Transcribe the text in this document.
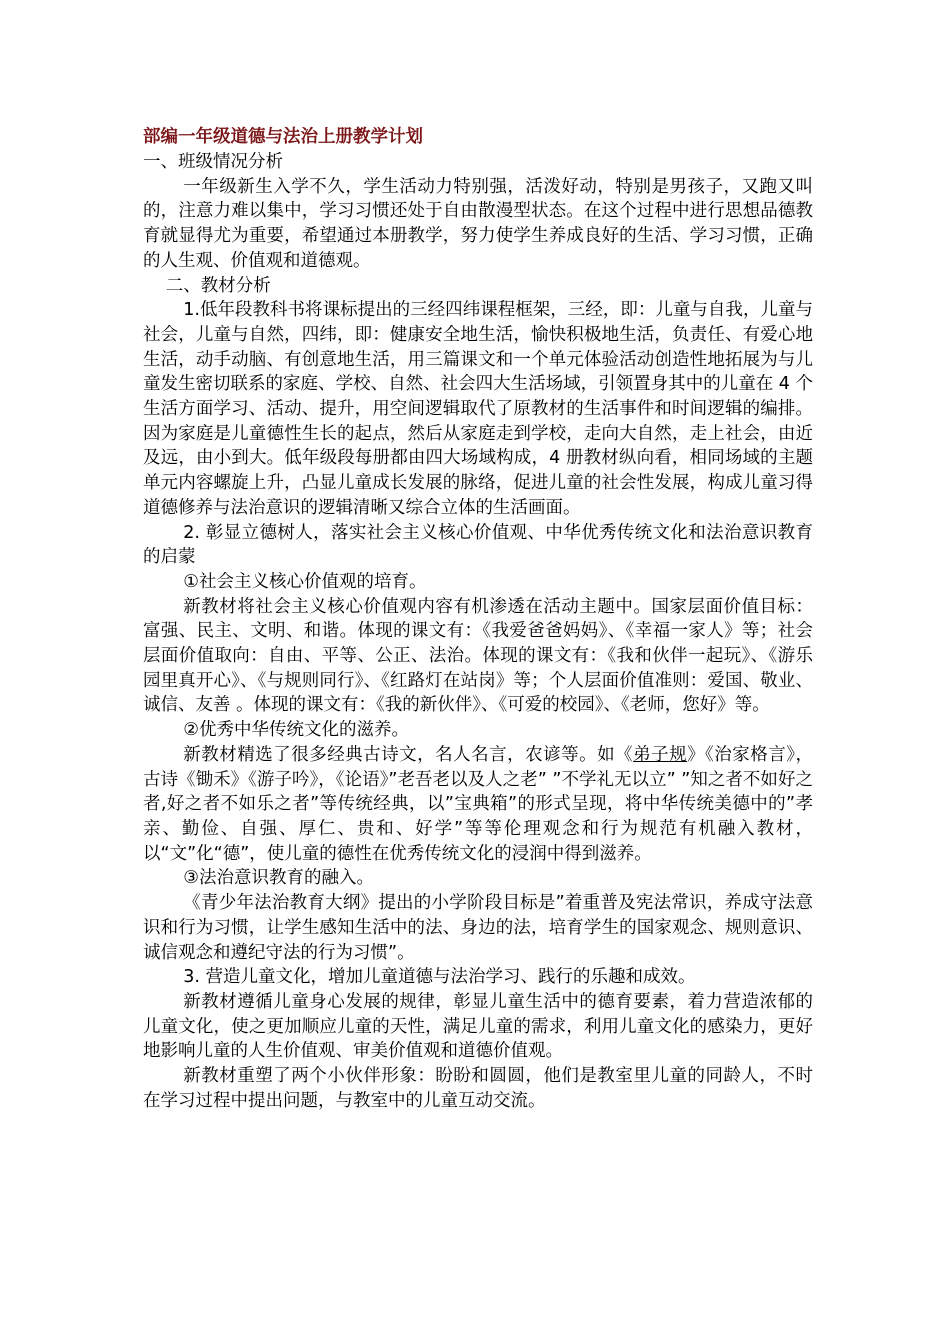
部编一年级道德与法治上册教学计划

一、班级情况分析

一年级新生入学不久，学生活动力特别强，活泼好动，特别是男孩子，又跑又叫的，注意力难以集中，学习习惯还处于自由散漫型状态。在这个过程中进行思想品德教育就显得尤为重要，希望通过本册教学，努力使学生养成良好的生活、学习习惯，正确的人生观、价值观和道德观。

二、教材分析

1.低年段教科书将课标提出的三经四纬课程框架，三经，即：儿童与自我，儿童与社会，儿童与自然，四纬，即：健康安全地生活，愉快积极地生活，负责任、有爱心地生活，动手动脑、有创意地生活，用三篇课文和一个单元体验活动创造性地拓展为与儿童发生密切联系的家庭、学校、自然、社会四大生活场域，引领置身其中的儿童在 4 个生活方面学习、活动、提升，用空间逻辑取代了原教材的生活事件和时间逻辑的编排。因为家庭是儿童德性生长的起点，然后从家庭走到学校，走向大自然，走上社会，由近及远，由小到大。低年级段每册都由四大场域构成，4 册教材纵向看，相同场域的主题单元内容螺旋上升，凸显儿童成长发展的脉络，促进儿童的社会性发展，构成儿童习得道德修养与法治意识的逻辑清晰又综合立体的生活画面。

2. 彰显立德树人，落实社会主义核心价值观、中华优秀传统文化和法治意识教育的启蒙

①社会主义核心价值观的培育。

新教材将社会主义核心价值观内容有机渗透在活动主题中。国家层面价值目标：富强、民主、文明、和谐。体现的课文有：《我爱爸爸妈妈》、《幸福一家人》等；社会层面价值取向：自由、平等、公正、法治。体现的课文有：《我和伙伴一起玩》、《游乐园里真开心》、《与规则同行》、《红路灯在站岗》等；个人层面价值准则：爱国、敬业、诚信、友善 。体现的课文有：《我的新伙伴》、《可爱的校园》、《老师，您好》等。

②优秀中华传统文化的滋养。

新教材精选了很多经典古诗文，名人名言，农谚等。如《弟子规》《治家格言》，古诗《锄禾》《游子吟》，《论语》”老吾老以及人之老” ”不学礼无以立” ”知之者不如好之者,好之者不如乐之者”等传统经典，以”宝典箱”的形式呈现，将中华传统美德中的”孝亲、勤俭、自强、厚仁、贵和、好学”等等伦理观念和行为规范有机融入教材，以“文”化“德”，使儿童的德性在优秀传统文化的浸润中得到滋养。

③法治意识教育的融入。

《青少年法治教育大纲》提出的小学阶段目标是”着重普及宪法常识，养成守法意识和行为习惯，让学生感知生活中的法、身边的法，培育学生的国家观念、规则意识、诚信观念和遵纪守法的行为习惯”。

3. 营造儿童文化，增加儿童道德与法治学习、践行的乐趣和成效。

新教材遵循儿童身心发展的规律，彰显儿童生活中的德育要素，着力营造浓郁的儿童文化，使之更加顺应儿童的天性，满足儿童的需求，利用儿童文化的感染力，更好地影响儿童的人生价值观、审美价值观和道德价值观。

新教材重塑了两个小伙伴形象：盼盼和圆圆，他们是教室里儿童的同龄人，不时在学习过程中提出问题，与教室中的儿童互动交流。
